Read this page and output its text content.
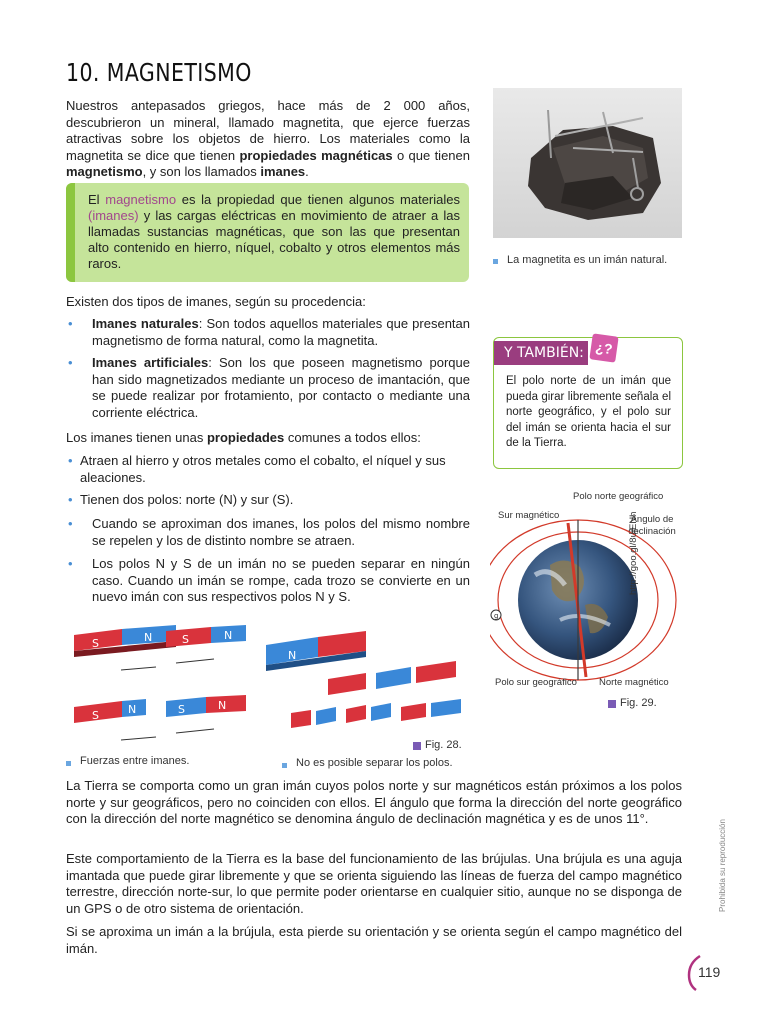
10. MAGNETISMO
Nuestros antepasados griegos, hace más de 2 000 años, descubrieron un mineral, llamado magnetita, que ejerce fuerzas atractivas sobre los objetos de hierro. Los materiales como la magnetita se dice que tienen propiedades magnéticas o que tienen magnetismo, y son los llamados imanes.
El magnetismo es la propiedad que tienen algunos materiales (imanes) y las cargas eléctricas en movimiento de atraer a las llamadas sustancias magnéticas, que son las que presentan alto contenido en hierro, níquel, cobalto y otros elementos más raros.	La magnetita es un imán natural.
Existen dos tipos de imanes, según su procedencia:
• Imanes naturales: Son todos aquellos materiales que presentan magnetismo de forma natural, como la magnetita.
• Imanes artificiales: Son los que poseen magnetismo porque han sido magnetizados mediante un proceso de imantación, que se puede realizar por frotamiento, por contacto o mediante una corriente eléctrica.
Los imanes tienen unas propiedades comunes a todos ellos:
• Atraen al hierro y otros metales como el cobalto, el níquel y sus aleaciones.
• Tienen dos polos: norte (N) y sur (S).
• Cuando se aproximan dos imanes, los polos del mismo nombre se repelen y los de distinto nombre se atraen.
• Los polos N y S de un imán no se pueden separar en ningún caso. Cuando un imán se rompe, cada trozo se convierte en un nuevo imán con sus respectivos polos N y S.
Y TAMBIÉN: ¿?
El polo norte de un imán que pueda girar libremente señala el norte geográfico, y el polo sur del imán se orienta hacia el sur de la Tierra.
Polo norte geográfico
Sur magnético	Ángulo de declinación
g
http://goo.gl/8ujENh
Polo sur geográfico Norte magnético
Fig. 29.
S	N	S	N
S	N	S	N
N
Fuerzas entre imanes.	No es posible separar los polos.
Fig. 28.
La Tierra se comporta como un gran imán cuyos polos norte y sur magnéticos están próximos a los polos norte y sur geográficos, pero no coinciden con ellos. El ángulo que forma la dirección del norte geográfico con la dirección del norte magnético se denomina ángulo de declinación magnética y es de unos 11°.
Este comportamiento de la Tierra es la base del funcionamiento de las brújulas. Una brújula es una aguja imantada que puede girar libremente y que se orienta siguiendo las líneas de fuerza del campo magnético terrestre, dirección norte-sur, lo que permite poder orientarse en cualquier sitio, aunque no se disponga de un GPS o de otro sistema de orientación.
Si se aproxima un imán a la brújula, esta pierde su orientación y se orienta según el campo magnético del imán.
Prohibida su reproducción
119
